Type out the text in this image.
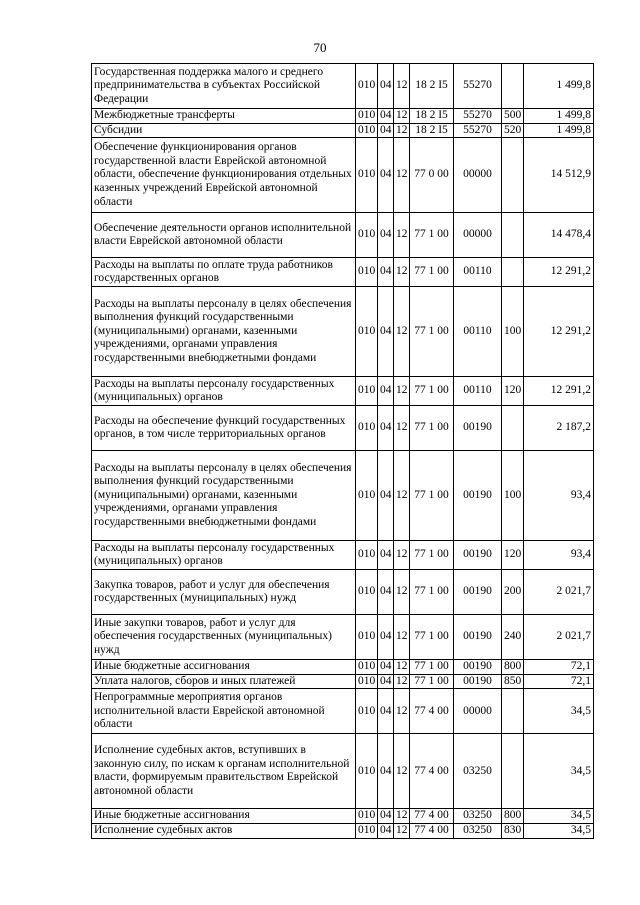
70
Государственная поддержка малого и среднего предпринимательства в субъектах Российской Федерации	010	04	12	18 2 I5	55270		1 499,8
Межбюджетные трансферты	010	04	12	18 2 I5	55270	500	1 499,8
Субсидии	010	04	12	18 2 I5	55270	520	1 499,8
Обеспечение функционирования органов государственной власти Еврейской автономной области, обеспечение функционирования отдельных казенных учреждений Еврейской автономной области	010	04	12	77 0 00	00000		14 512,9
Обеспечение деятельности органов исполнительной власти Еврейской автономной области	010	04	12	77 1 00	00000		14 478,4
Расходы на выплаты по оплате труда работников государственных органов	010	04	12	77 1 00	00110		12 291,2
Расходы на выплаты персоналу в целях обеспечения выполнения функций государственными (муниципальными) органами, казенными учреждениями, органами управления государственными внебюджетными фондами	010	04	12	77 1 00	00110	100	12 291,2
Расходы на выплаты персоналу государственных (муниципальных) органов	010	04	12	77 1 00	00110	120	12 291,2
Расходы на обеспечение функций государственных органов, в том числе территориальных органов	010	04	12	77 1 00	00190		2 187,2
Расходы на выплаты персоналу в целях обеспечения выполнения функций государственными (муниципальными) органами, казенными учреждениями, органами управления государственными внебюджетными фондами	010	04	12	77 1 00	00190	100	93,4
Расходы на выплаты персоналу государственных (муниципальных) органов	010	04	12	77 1 00	00190	120	93,4
Закупка товаров, работ и услуг для обеспечения государственных (муниципальных) нужд	010	04	12	77 1 00	00190	200	2 021,7
Иные закупки товаров, работ и услуг для обеспечения государственных (муниципальных) нужд	010	04	12	77 1 00	00190	240	2 021,7
Иные бюджетные ассигнования	010	04	12	77 1 00	00190	800	72,1
Уплата налогов, сборов и иных платежей	010	04	12	77 1 00	00190	850	72,1
Непрограммные мероприятия органов исполнительной власти Еврейской автономной области	010	04	12	77 4 00	00000		34,5
Исполнение судебных актов, вступивших в законную силу, по искам к органам исполнительной власти, формируемым правительством Еврейской автономной области	010	04	12	77 4 00	03250		34,5
Иные бюджетные ассигнования	010	04	12	77 4 00	03250	800	34,5
Исполнение судебных актов	010	04	12	77 4 00	03250	830	34,5
